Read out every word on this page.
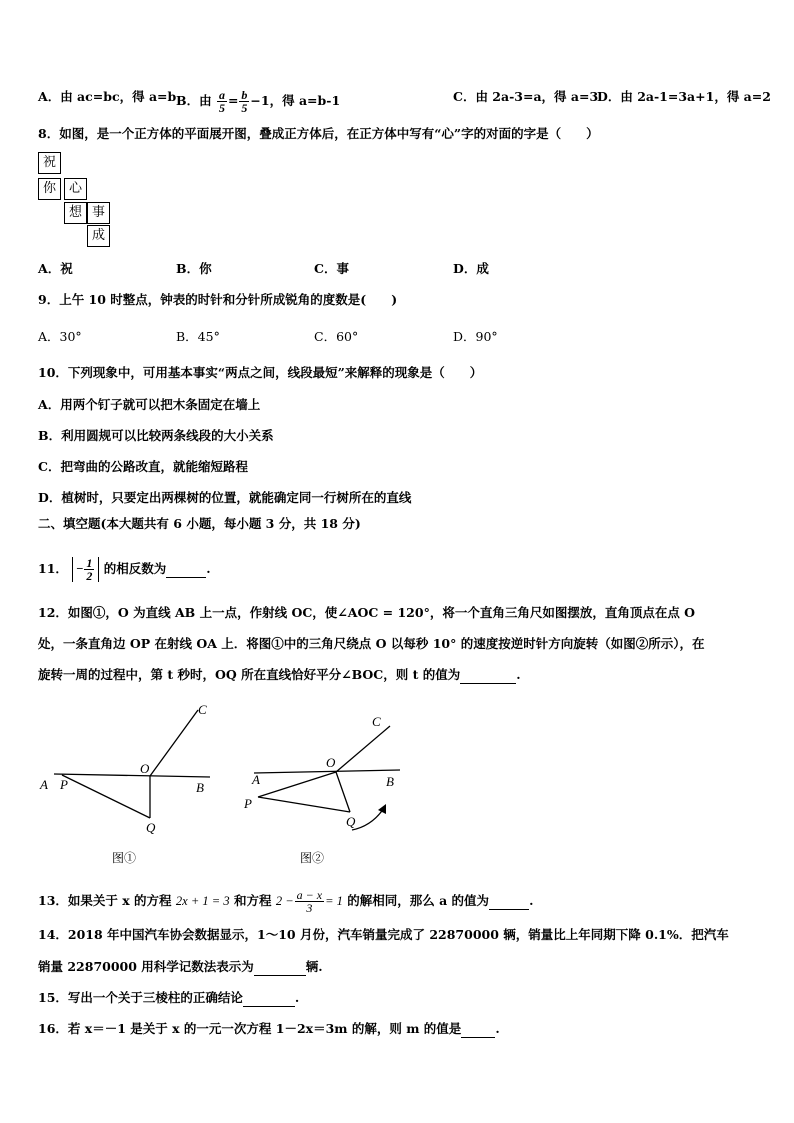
A．由 ac=bc，得 a=b B．由 $\frac{a}{5} = \frac{b}{5} -1$，得 a=b-1	C．由 2a-3=a，得 a=3
D．由 2a-1=3a+1，得 a=2
8．如图，是一个正方体的平面展开图，叠成正方体后，在正方体中写有“心”字的对面的字是（　　）
祝
你 心
想 事
成
A．祝	B．你	C．事	D．成
9．上午 10 时整点，钟表的时针和分针所成锐角的度数是(　　)
A．30°	B．45°	C．60°	D．90°
10．下列现象中，可用基本事实“两点之间，线段最短”来解释的现象是（　　）
A．用两个钉子就可以把木条固定在墙上
B．利用圆规可以比较两条线段的大小关系
C．把弯曲的公路改直，就能缩短路程
D．植树时，只要定出两棵树的位置，就能确定同一行树所在的直线
二、填空题(本大题共有 6 小题，每小题 3 分，共 18 分)
11． − $\frac{1}{2}$ 的相反数为	.
12．如图①，O 为直线 AB 上一点，作射线 OC，使∠AOC = 120°，将一个直角三角尺如图摆放，直角顶点在点 O
处，一条直角边 OP 在射线 OA 上．将图①中的三角尺绕点 O 以每秒 10° 的速度按逆时针方向旋转（如图②所示），在
旋转一周的过程中，第 t 秒时，OQ 所在直线恰好平分∠BOC，则 t 的值为	.
C
O
A P	B
Q
图①
C
O
A	B
P
Q
图②
13．如果关于 x 的方程 2x + 1 = 3 和方程 $2 - \frac{a - x}{3} = 1$ 的解相同，那么 a 的值为	.
14．2018 年中国汽车协会数据显示，1～10 月份，汽车销量完成了 22870000 辆，销量比上年同期下降 0.1%．把汽车
销量 22870000 用科学记数法表示为	辆.
15．写出一个关于三棱柱的正确结论	.
16．若 x＝－1 是关于 x 的一元一次方程 1－2x＝3m 的解，则 m 的值是	.
